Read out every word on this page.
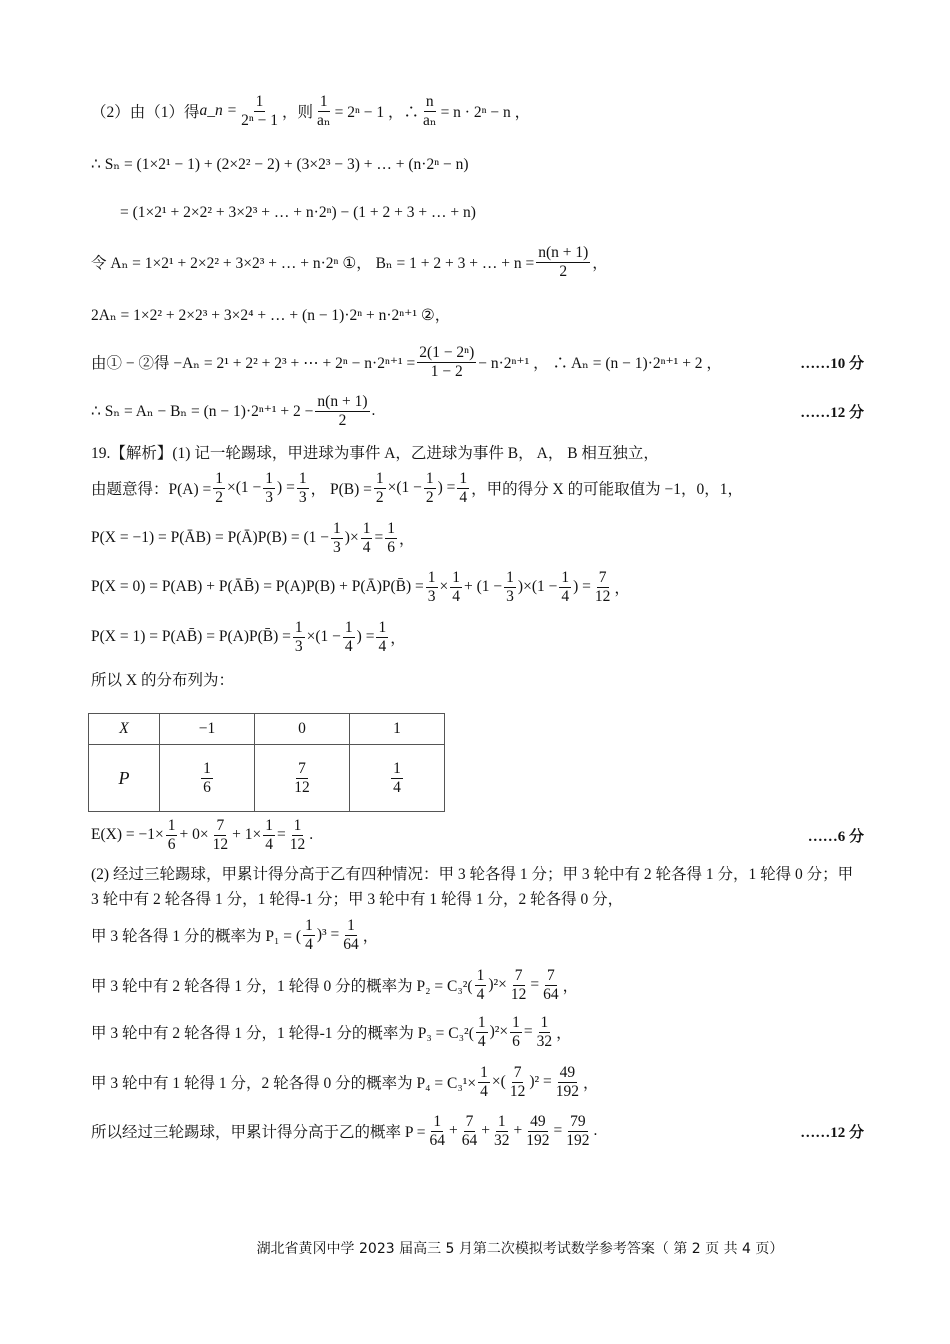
（2）由（1）得 a_n = $\frac{1}{\text{2ⁿ − 1}}$ ，则 $\frac{1}{\text{aₙ}} = 2^n - 1$ ，∴ $\frac{n}{\text{aₙ}} = n \cdot 2^n - n$ ，
∴ Sₙ = (1×2¹ − 1) + (2×2² − 2) + (3×2³ − 3) + … + (n·2ⁿ − n)
= (1×2¹ + 2×2² + 3×2³ + … + n·2ⁿ) − (1 + 2 + 3 + … + n)
令 Aₙ = 1×2¹ + 2×2² + 3×2³ + … + n·2ⁿ ①， Bₙ = 1 + 2 + 3 + … + $n = \frac{n(n + 1)}{2}$ ，
2Aₙ = 1×2² + 2×2³ + 3×2⁴ + … + (n − 1)·2ⁿ + n·2ⁿ⁺¹ ②，
由① − ②得 −Aₙ = 2¹ + 2² + 2³ + ⋯ + $2^n - n\cdot 2^{n+1} = \frac{\text{2(1 − 2ⁿ)}}{1 - 2} - n\cdot 2^{n+1}$ ， ∴ Aₙ = (n − 1)·2ⁿ⁺¹ + 2 ，	……10 分
∴ $S_n = A_n - B_n = (n - 1)\cdot 2^{n+1} + 2 - \frac{n(n + 1)}{2}$ .	……12 分
19.【解析】(1) 记一轮踢球，甲进球为事件 A，乙进球为事件 B， A， B 相互独立，
由题意得：$P(A) = \frac{1}{2} \times(1 - \frac{1}{3}$ ) = $\frac{1}{3}$ ， $P(B) = \frac{1}{2} \times(1 - \frac{1}{2}$ ) = $\frac{1}{4}$ ，甲的得分 X 的可能取值为 −1，0，1，
P(X = −1) = P(ĀB) = P(Ā)P(B) = ($1 - \frac{1}{3}$ )× $\frac{1}{4} = \frac{1}{6}$ ，
P(X = 0) = P(AB) + P(ĀB̄) = P(A)P(B) + P(Ā)P(B̄) = $\frac{1}{3} \times \frac{1}{4} + (1 - \frac{1}{3} )\times(1 - \frac{1}{4}$ ) = $\frac{7}{12}$ ，
P(X = 1) = P(AB̄) = P(A)P(B̄) = $\frac{1}{3} \times(1 - \frac{1}{4}$ ) = $\frac{1}{4}$ ，
所以 X 的分布列为：
X	−1	0	1
P	$\frac{1}{6}$	$\frac{7}{12}$	$\frac{1}{4}$
$E(X) = -1\times \frac{1}{6} + 0\times \frac{7}{12} + 1\times \frac{1}{4} = \frac{1}{12}$ .	……6 分
(2) 经过三轮踢球，甲累计得分高于乙有四种情况：甲 3 轮各得 1 分；甲 3 轮中有 2 轮各得 1 分，1 轮得 0 分；甲 3 轮中有 2 轮各得 1 分，1 轮得-1 分；甲 3 轮中有 1 轮得 1 分，2 轮各得 0 分，
甲 3 轮各得 1 分的概率为 P₁ = ( $\frac{1}{4} )^3 = \frac{1}{64}$ ，
甲 3 轮中有 2 轮各得 1 分，1 轮得 0 分的概率为 $P_2 = C_3^2( \frac{1}{4} )^2\times \frac{7}{12} = \frac{7}{64}$ ，
甲 3 轮中有 2 轮各得 1 分，1 轮得-1 分的概率为 $P_3 = C_3^2( \frac{1}{4} )^2\times \frac{1}{6} = \frac{1}{32}$ ，
甲 3 轮中有 1 轮得 1 分，2 轮各得 0 分的概率为 $P_4 = C_3^1\times \frac{1}{4}$ ×( $\frac{7}{12} )^2 = \frac{49}{192}$ ，
所以经过三轮踢球，甲累计得分高于乙的概率 $P = \frac{1}{64} + \frac{7}{64} + \frac{1}{32} + \frac{49}{192} = \frac{79}{192}$ .	……12 分
湖北省黄冈中学 2023 届高三 5 月第二次模拟考试数学参考答案（ 第 2 页 共 4 页）
